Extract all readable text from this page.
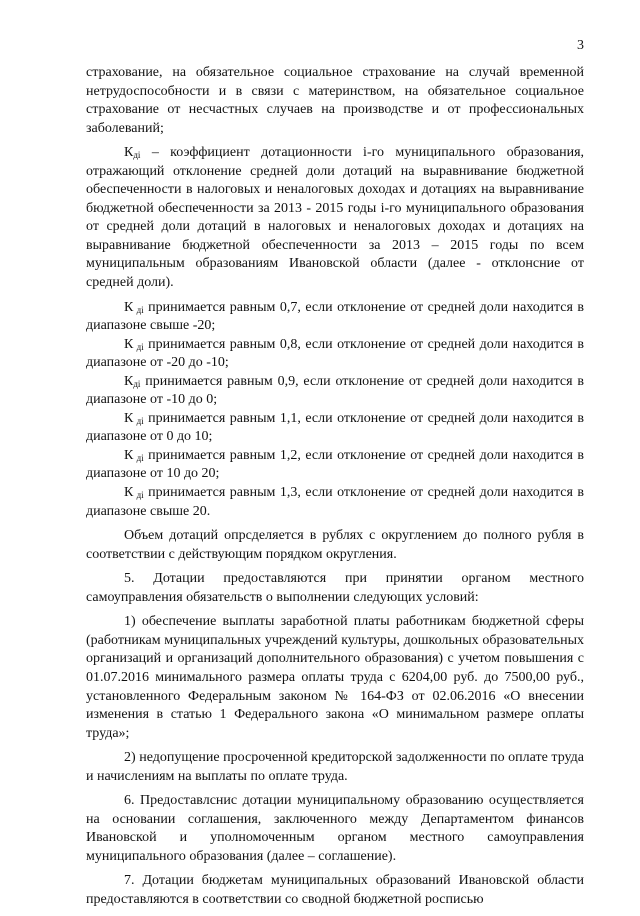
3

страхование, на обязательное социальное страхование на случай временной нетрудоспособности и в связи с материнством, на обязательное социальное страхование от несчастных случаев на производстве и от профессиональных заболеваний;

$К_{дi}$ – коэффициент дотационности i-го муниципального образования, отражающий отклонение средней доли дотаций на выравнивание бюджетной обеспеченности в налоговых и неналоговых доходах и дотациях на выравнивание бюджетной обеспеченности за 2013 - 2015 годы i-го муниципального образования от средней доли дотаций в налоговых и неналоговых доходах и дотациях на выравнивание бюджетной обеспеченности за 2013 – 2015 годы по всем муниципальным образованиям Ивановской области (далее - отклонсние от средней доли).

К $_{дi}$ принимается равным 0,7, если отклонение от средней доли находится в диапазоне свыше -20;

К $_{дi}$ принимается равным 0,8, если отклонение от средней доли находится в диапазоне от -20 до -10;

$К_{дi}$ принимается равным 0,9, если отклонение от средней доли находится в диапазоне от -10 до 0;

К $_{дi}$ принимается равным 1,1, если отклонение от средней доли находится в диапазоне от 0 до 10;

К $_{дi}$ принимается равным 1,2, если отклонение от средней доли находится в диапазоне от 10 до 20;

К $_{дi}$ принимается равным 1,3, если отклонение от средней доли находится в диапазоне свыше 20.

Объем дотаций опрсделяется в рублях с округлением до полного рубля в соответствии с действующим порядком округления.

5. Дотации предоставляются при принятии органом местного самоуправления обязательств о выполнении следующих условий:

1) обеспечение выплаты заработной платы работникам бюджетной сферы (работникам муниципальных учреждений культуры, дошкольных образовательных организаций и организаций дополнительного образования) с учетом повышения с 01.07.2016 минимального размера оплаты труда с 6204,00 руб. до 7500,00 руб., установленного Федеральным законом № 164-ФЗ от 02.06.2016 «О внесении изменения в статью 1 Федерального закона «О минимальном размере оплаты труда»;

2) недопущение просроченной кредиторской задолженности по оплате труда и начислениям на выплаты по оплате труда.

6. Предоставлснис дотации муниципальному образованию осуществляется на основании соглашения, заключенного между Департаментом финансов Ивановской и уполномоченным органом местного самоуправления муниципального образования (далее – соглашение).

7. Дотации бюджетам муниципальных образований Ивановской области предоставляются в соответствии со сводной бюджетной росписью
